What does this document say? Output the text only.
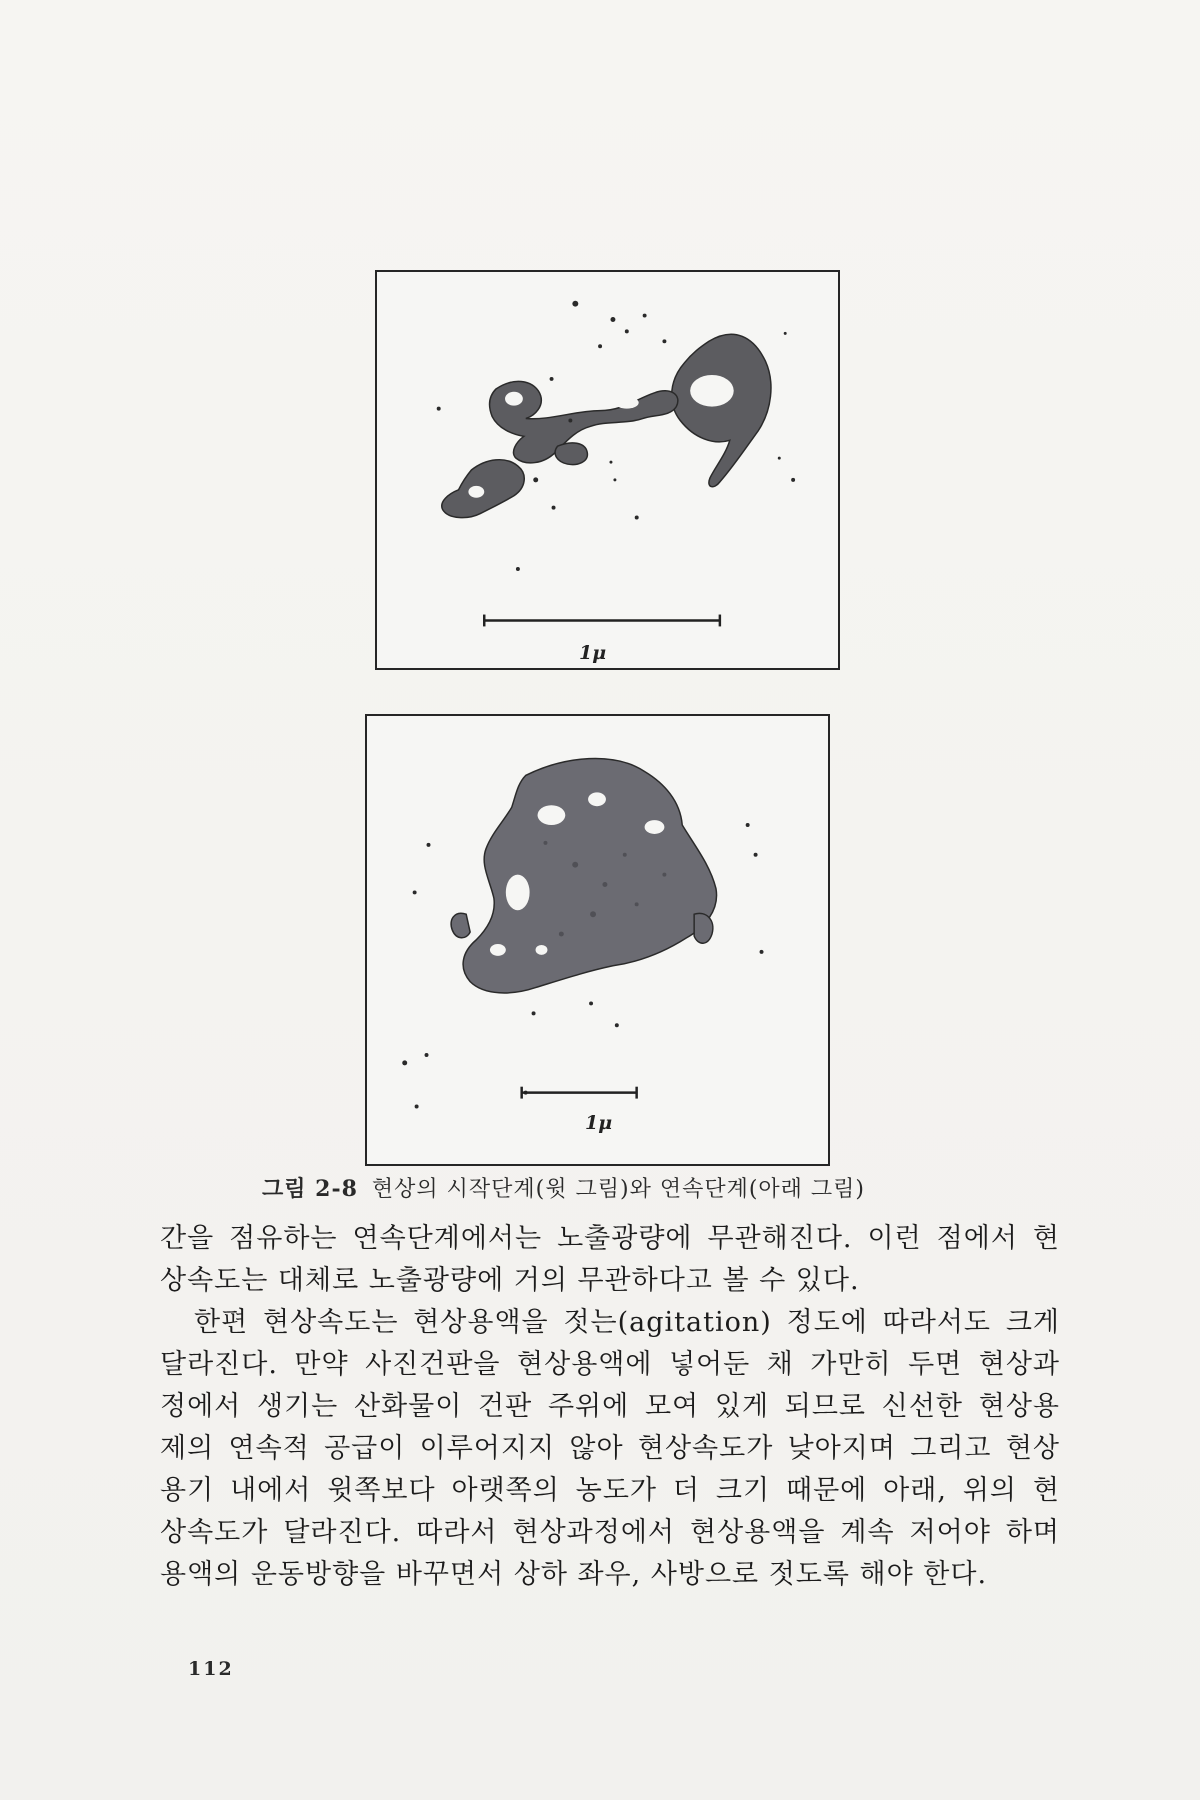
1μ
1μ
그림 2-8 현상의 시작단계(윗 그림)와 연속단계(아래 그림)

간을 점유하는 연속단계에서는 노출광량에 무관해진다. 이런 점에서 현

상속도는 대체로 노출광량에 거의 무관하다고 볼 수 있다.

한편 현상속도는 현상용액을 젓는(agitation) 정도에 따라서도 크게

달라진다. 만약 사진건판을 현상용액에 넣어둔 채 가만히 두면 현상과

정에서 생기는 산화물이 건판 주위에 모여 있게 되므로 신선한 현상용

제의 연속적 공급이 이루어지지 않아 현상속도가 낮아지며 그리고 현상

용기 내에서 윗쪽보다 아랫쪽의 농도가 더 크기 때문에 아래, 위의 현

상속도가 달라진다. 따라서 현상과정에서 현상용액을 계속 저어야 하며

용액의 운동방향을 바꾸면서 상하 좌우, 사방으로 젓도록 해야 한다.

112
